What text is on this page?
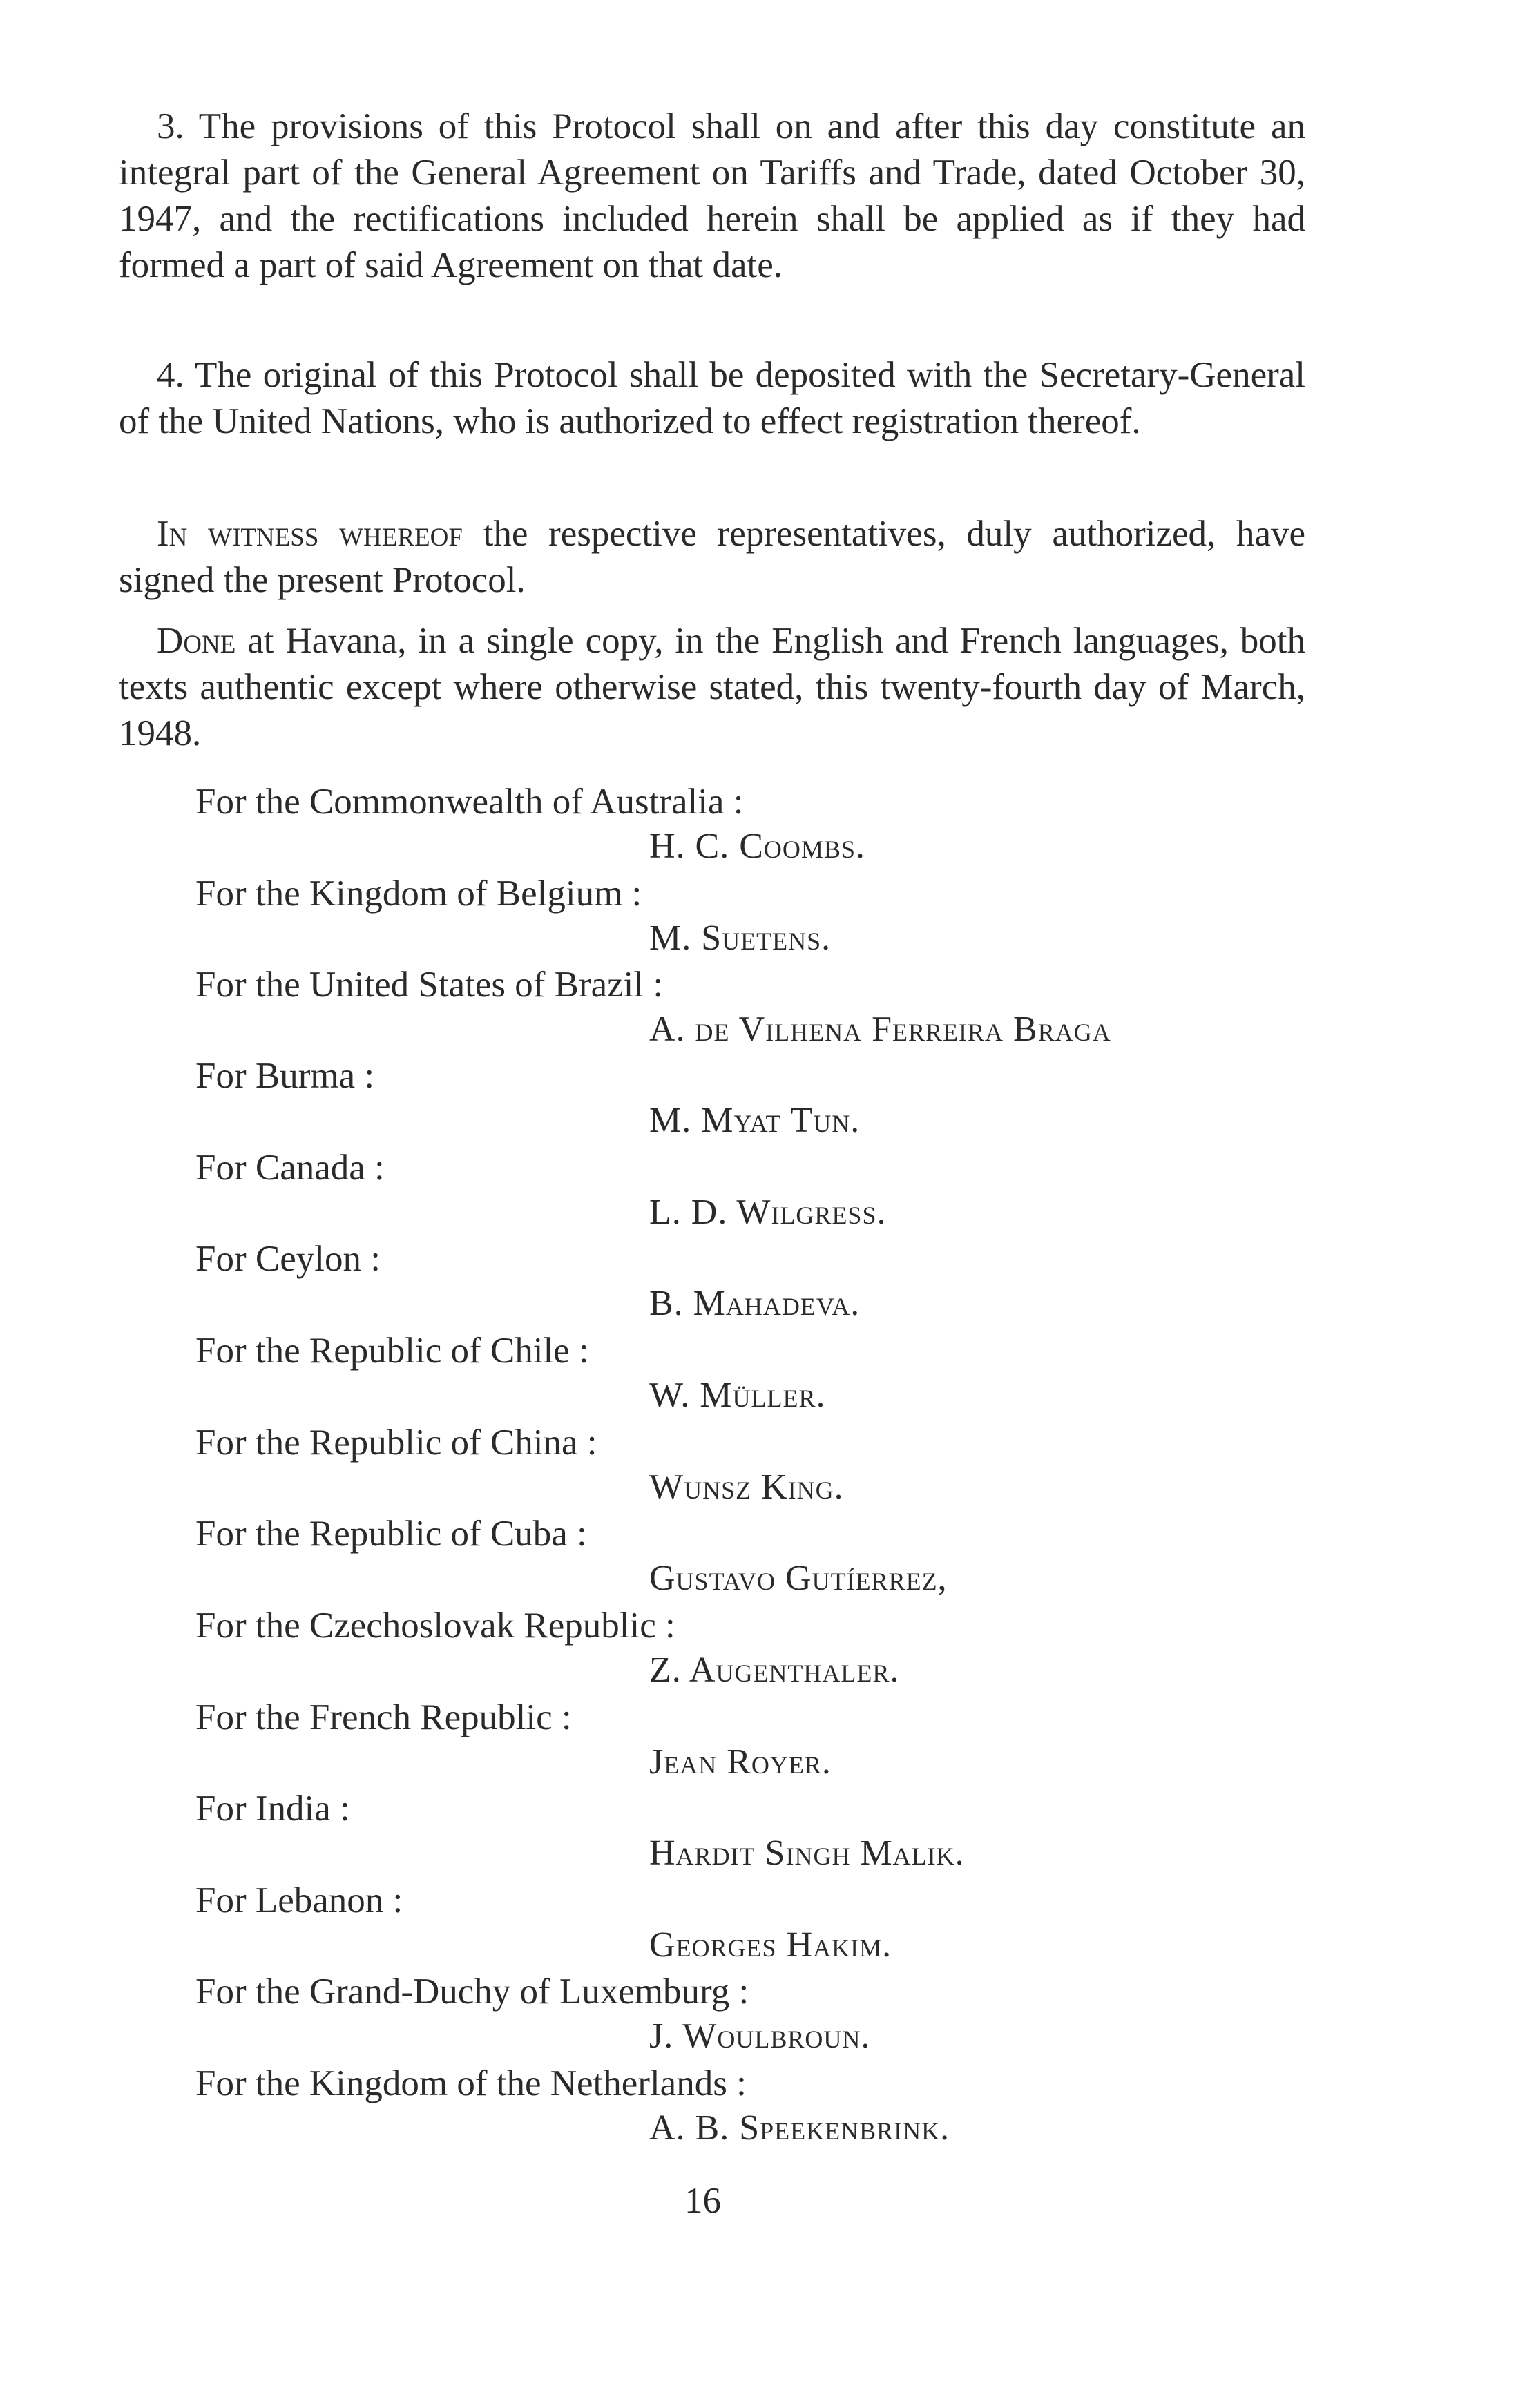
3. The provisions of this Protocol shall on and after this day constitute an integral part of the General Agreement on Tariffs and Trade, dated October 30, 1947, and the rectifications included herein shall be applied as if they had formed a part of said Agreement on that date.

4. The original of this Protocol shall be deposited with the Secretary-General of the United Nations, who is authorized to effect registration thereof.

In witness whereof the respective representatives, duly authorized, have signed the present Protocol.

Done at Havana, in a single copy, in the English and French languages, both texts authentic except where otherwise stated, this twenty-fourth day of March, 1948.

For the Commonwealth of Australia :

H. C. Coombs.

For the Kingdom of Belgium :

M. Suetens.

For the United States of Brazil :

A. de Vilhena Ferreira Braga

For Burma :

M. Myat Tun.

For Canada :

L. D. Wilgress.

For Ceylon :

B. Mahadeva.

For the Republic of Chile :

W. Müller.

For the Republic of China :

Wunsz King.

For the Republic of Cuba :

Gustavo Gutíerrez,

For the Czechoslovak Republic :

Z. Augenthaler.

For the French Republic :

Jean Royer.

For India :

Hardit Singh Malik.

For Lebanon :

Georges Hakim.

For the Grand-Duchy of Luxemburg :

J. Woulbroun.

For the Kingdom of the Netherlands :

A. B. Speekenbrink.

16
